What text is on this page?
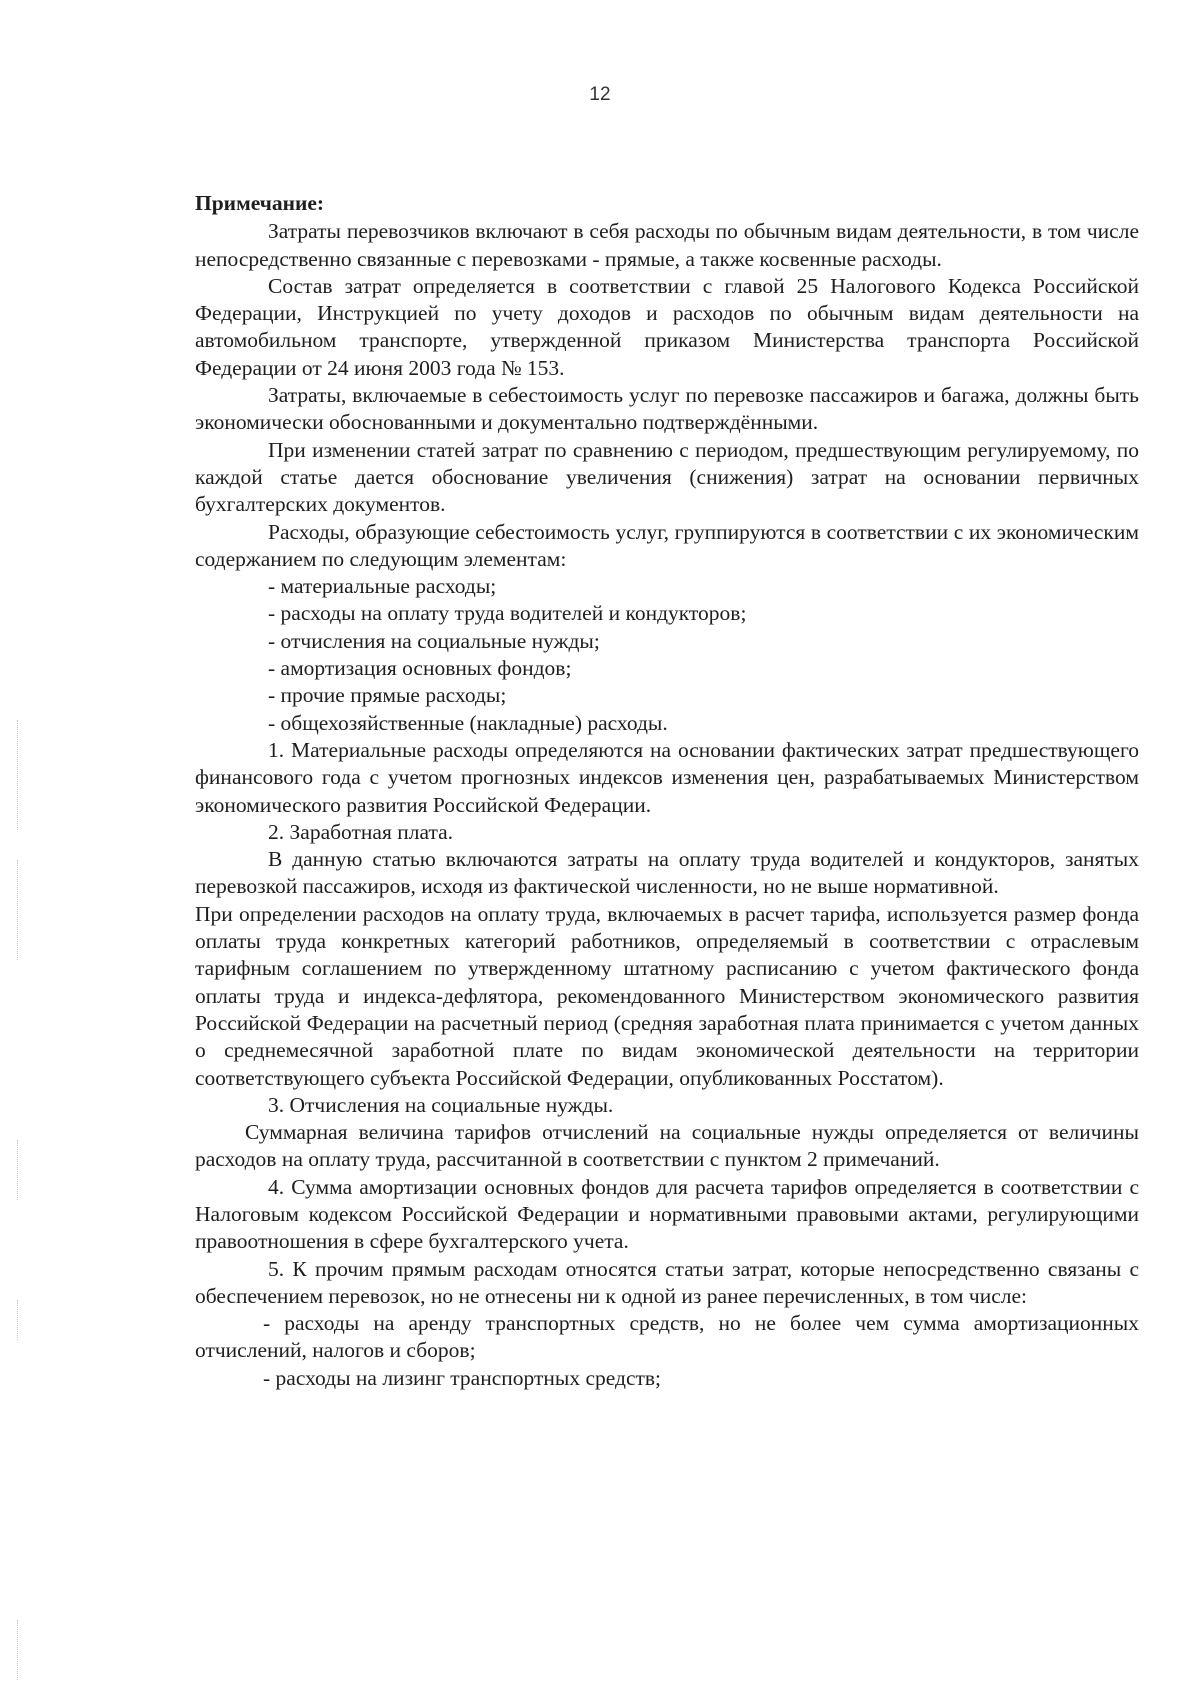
12
Примечание:

Затраты перевозчиков включают в себя расходы по обычным видам деятельности, в том числе непосредственно связанные с перевозками - прямые, а также косвенные расходы.

Состав затрат определяется в соответствии с главой 25 Налогового Кодекса Российской Федерации, Инструкцией по учету доходов и расходов по обычным видам деятельности на автомобильном транспорте, утвержденной приказом Министерства транспорта Российской Федерации от 24 июня 2003 года № 153.

Затраты, включаемые в себестоимость услуг по перевозке пассажиров и багажа, должны быть экономически обоснованными и документально подтверждёнными.

При изменении статей затрат по сравнению с периодом, предшествующим регулируемому, по каждой статье дается обоснование увеличения (снижения) затрат на основании первичных бухгалтерских документов.

Расходы, образующие себестоимость услуг, группируются в соответствии с их экономическим содержанием по следующим элементам:

- материальные расходы;

- расходы на оплату труда водителей и кондукторов;

- отчисления на социальные нужды;

- амортизация основных фондов;

- прочие прямые расходы;

- общехозяйственные (накладные) расходы.

1. Материальные расходы определяются на основании фактических затрат предшествующего финансового года с учетом прогнозных индексов изменения цен, разрабатываемых Министерством экономического развития Российской Федерации.

2. Заработная плата.

В данную статью включаются затраты на оплату труда водителей и кондукторов, занятых перевозкой пассажиров, исходя из фактической численности, но не выше нормативной.

При определении расходов на оплату труда, включаемых в расчет тарифа, используется размер фонда оплаты труда конкретных категорий работников, определяемый в соответствии с отраслевым тарифным соглашением по утвержденному штатному расписанию с учетом фактического фонда оплаты труда и индекса-дефлятора, рекомендованного Министерством экономического развития Российской Федерации на расчетный период (средняя заработная плата принимается с учетом данных о среднемесячной заработной плате по видам экономической деятельности на территории соответствующего субъекта Российской Федерации, опубликованных Росстатом).

3. Отчисления на социальные нужды.

Суммарная величина тарифов отчислений на социальные нужды определяется от величины расходов на оплату труда, рассчитанной в соответствии с пунктом 2 примечаний.

4. Сумма амортизации основных фондов для расчета тарифов определяется в соответствии с Налоговым кодексом Российской Федерации и нормативными правовыми актами, регулирующими правоотношения в сфере бухгалтерского учета.

5. К прочим прямым расходам относятся статьи затрат, которые непосредственно связаны с обеспечением перевозок, но не отнесены ни к одной из ранее перечисленных, в том числе:

- расходы на аренду транспортных средств, но не более чем сумма амортизационных отчислений, налогов и сборов;

- расходы на лизинг транспортных средств;
